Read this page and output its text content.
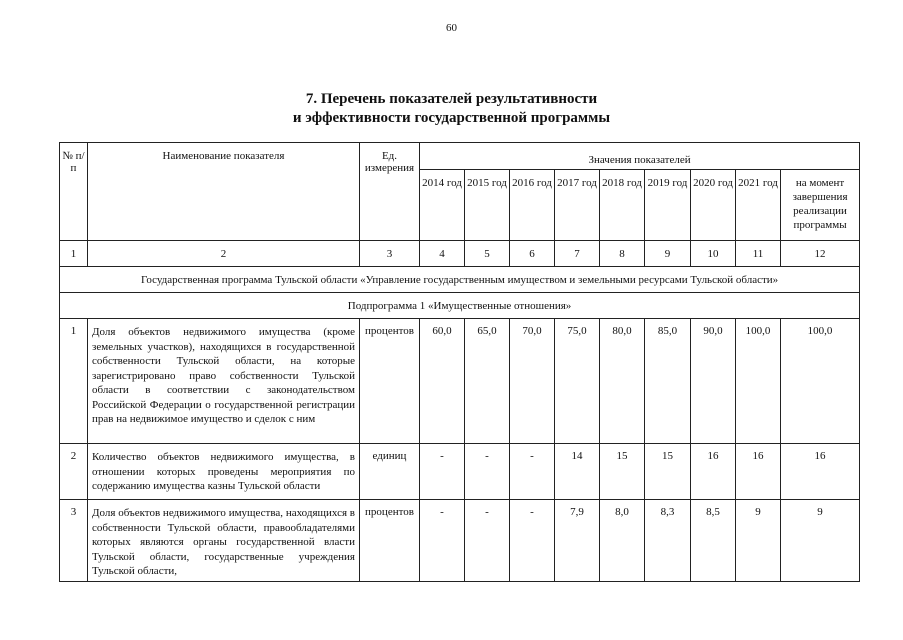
60
7. Перечень показателей результативности
и эффективности государственной программы
№ п/п	Наименование показателя	Ед. измерения	Значения показателей								
			2014 год	2015 год	2016 год	2017 год	2018 год	2019 год	2020 год	2021 год	на момент завершения реализации программы
1	2	3	4	5	6	7	8	9	10	11	12
Государственная программа Тульской области «Управление государственным имуществом и земельными ресурсами Тульской области»											
Подпрограмма 1 «Имущественные отношения»											
1	Доля объектов недвижимого имущества (кроме земельных участков), находящихся в государственной собственности Тульской области, на которые зарегистрировано право собственности Тульской области в соответствии с законодательством Российской Федерации о государственной регистрации прав на недвижимое имущество и сделок с ним	процентов	60,0	65,0	70,0	75,0	80,0	85,0	90,0	100,0	100,0
2	Количество объектов недвижимого имущества, в отношении которых проведены мероприятия по содержанию имущества казны Тульской области	единиц	-	-	-	14	15	15	16	16	16
3	Доля объектов недвижимого имущества, находящихся в собственности Тульской области, правообладателями которых являются органы государственной власти Тульской области, государственные учреждения Тульской области,	процентов	-	-	-	7,9	8,0	8,3	8,5	9	9
